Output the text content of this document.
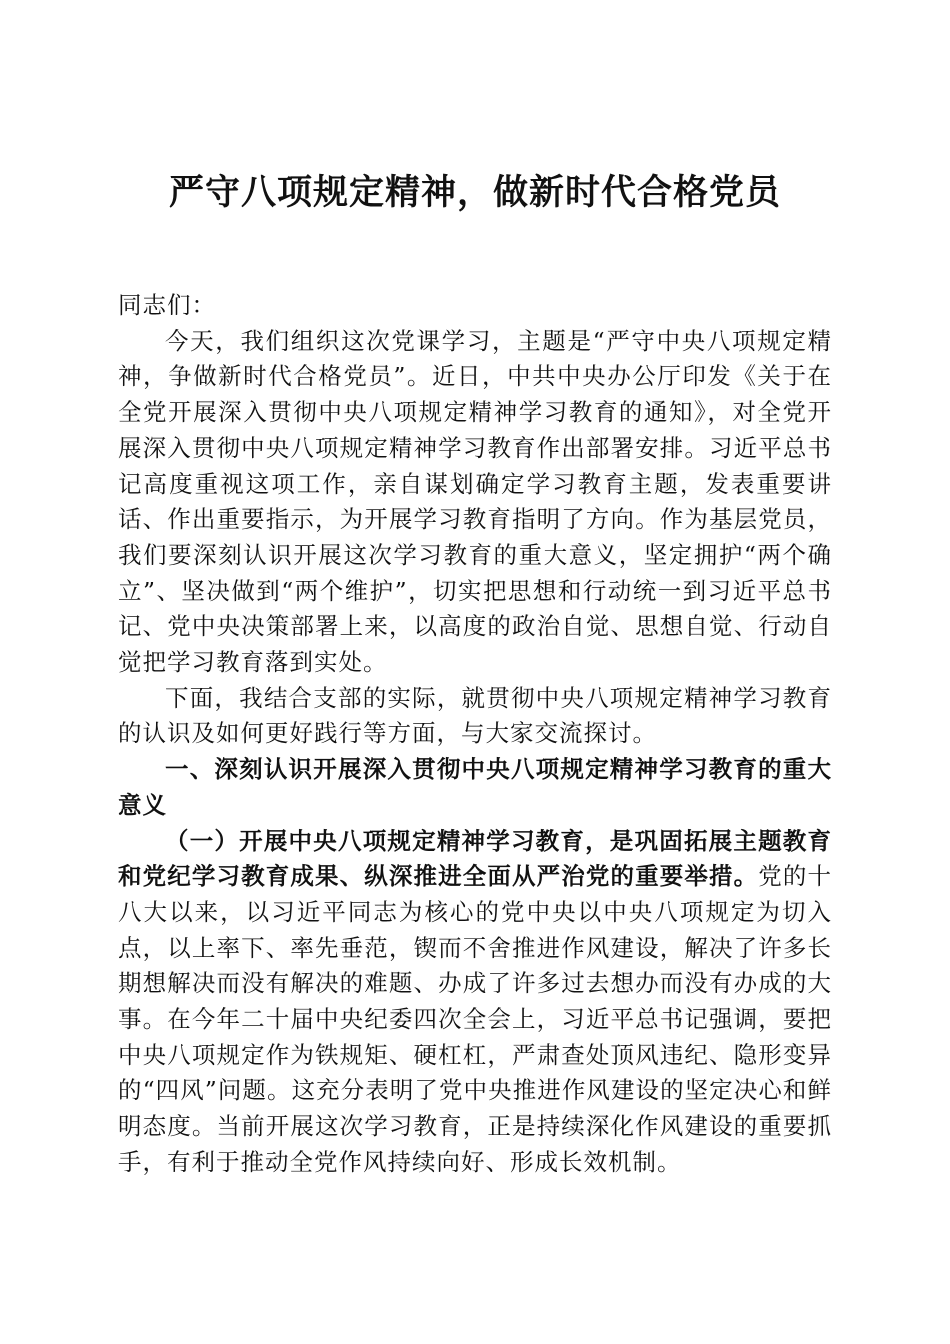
严守八项规定精神，做新时代合格党员

同志们：

今天，我们组织这次党课学习，主题是“严守中央八项规定精神，争做新时代合格党员”。近日，中共中央办公厅印发《关于在全党开展深入贯彻中央八项规定精神学习教育的通知》，对全党开展深入贯彻中央八项规定精神学习教育作出部署安排。习近平总书记高度重视这项工作，亲自谋划确定学习教育主题，发表重要讲话、作出重要指示，为开展学习教育指明了方向。作为基层党员，我们要深刻认识开展这次学习教育的重大意义，坚定拥护“两个确立”、坚决做到“两个维护”，切实把思想和行动统一到习近平总书记、党中央决策部署上来，以高度的政治自觉、思想自觉、行动自觉把学习教育落到实处。

下面，我结合支部的实际，就贯彻中央八项规定精神学习教育的认识及如何更好践行等方面，与大家交流探讨。

一、深刻认识开展深入贯彻中央八项规定精神学习教育的重大意义

（一）开展中央八项规定精神学习教育，是巩固拓展主题教育和党纪学习教育成果、纵深推进全面从严治党的重要举措。党的十八大以来，以习近平同志为核心的党中央以中央八项规定为切入点，以上率下、率先垂范，锲而不舍推进作风建设，解决了许多长期想解决而没有解决的难题、办成了许多过去想办而没有办成的大事。在今年二十届中央纪委四次全会上，习近平总书记强调，要把中央八项规定作为铁规矩、硬杠杠，严肃查处顶风违纪、隐形变异的“四风”问题。这充分表明了党中央推进作风建设的坚定决心和鲜明态度。当前开展这次学习教育，正是持续深化作风建设的重要抓手，有利于推动全党作风持续向好、形成长效机制。
